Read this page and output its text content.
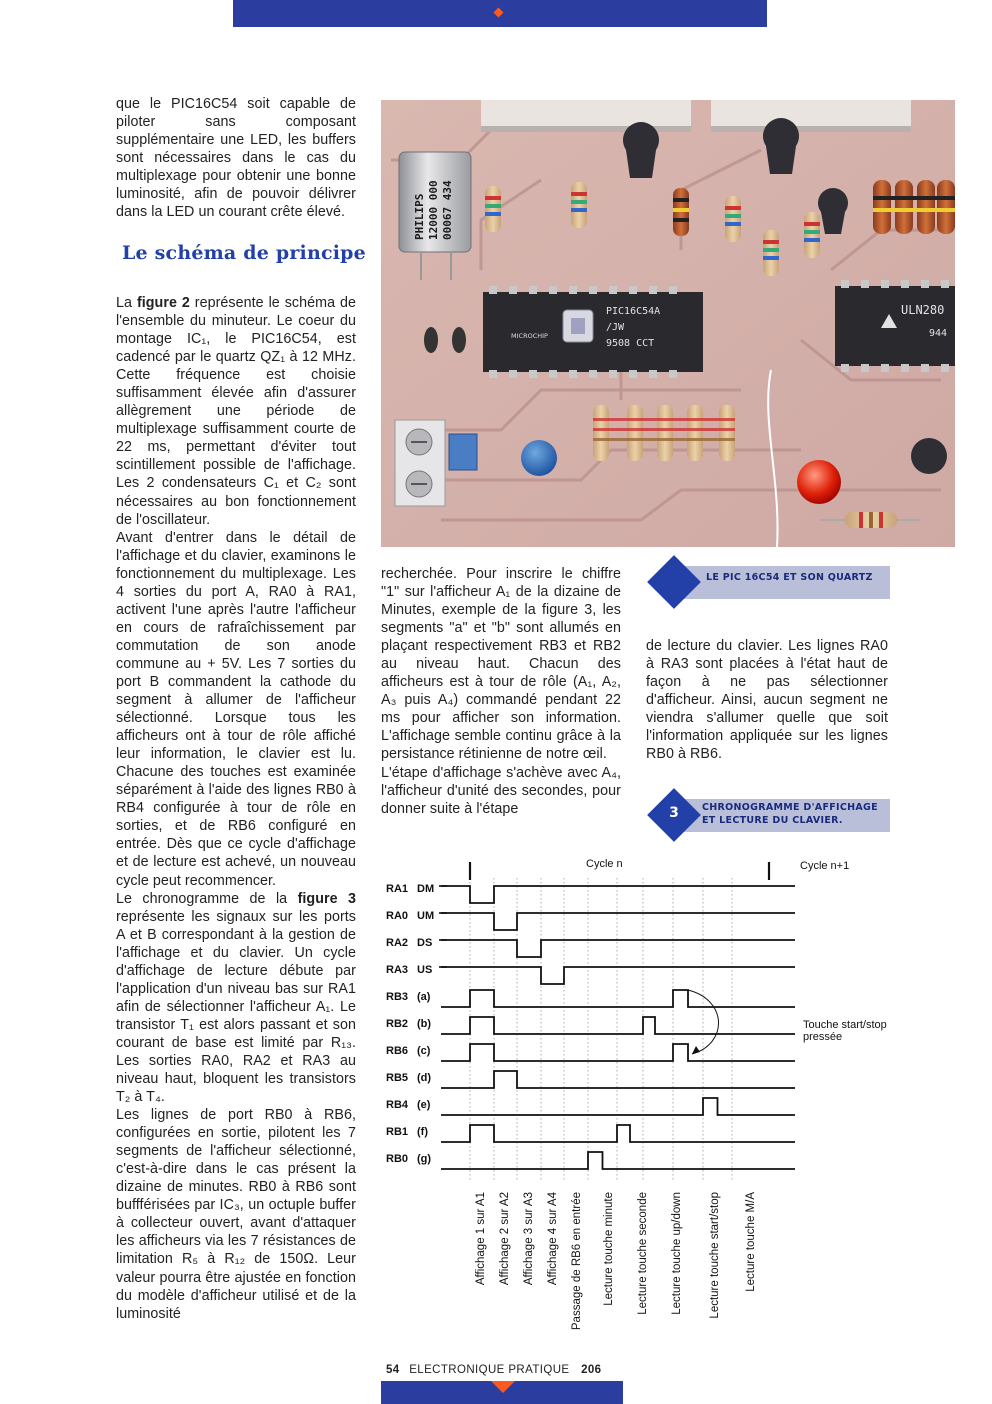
que le PIC16C54 soit capable de piloter sans composant supplémentaire une LED, les buffers sont nécessaires dans le cas du multiplexage pour obtenir une bonne luminosité, afin de pouvoir délivrer dans la LED un courant crête élevé.

Le schéma de principe

La figure 2 représente le schéma de l'ensemble du minuteur. Le coeur du montage IC₁, le PIC16C54, est cadencé par le quartz QZ₁ à 12 MHz. Cette fréquence est choisie suffisamment élevée afin d'assurer allègrement une période de multiplexage suffisamment courte de 22 ms, permettant d'éviter tout scintillement possible de l'affichage. Les 2 condensateurs C₁ et C₂ sont nécessaires au bon fonctionnement de l'oscillateur.

Avant d'entrer dans le détail de l'affichage et du clavier, examinons le fonctionnement du multiplexage. Les 4 sorties du port A, RA0 à RA1, activent l'une après l'autre l'afficheur en cours de rafraîchissement par commutation de son anode commune au + 5V. Les 7 sorties du port B commandent la cathode du segment à allumer de l'afficheur sélectionné. Lorsque tous les afficheurs ont à tour de rôle affiché leur information, le clavier est lu. Chacune des touches est examinée séparément à l'aide des lignes RB0 à RB4 configurée à tour de rôle en sorties, et de RB6 configuré en entrée. Dès que ce cycle d'affichage et de lecture est achevé, un nouveau cycle peut recommencer.

Le chronogramme de la figure 3 représente les signaux sur les ports A et B correspondant à la gestion de l'affichage et du clavier. Un cycle d'affichage de lecture débute par l'application d'un niveau bas sur RA1 afin de sélectionner l'afficheur A₁. Le transistor T₁ est alors passant et son courant de base est limité par R₁₃. Les sorties RA0, RA2 et RA3 au niveau haut, bloquent les transistors T₂ à T₄.

Les lignes de port RB0 à RB6, configurées en sortie, pilotent les 7 segments de l'afficheur sélectionné, c'est-à-dire dans le cas présent la dizaine de minutes. RB0 à RB6 sont buffférisées par IC₃, un octuple buffer à collecteur ouvert, avant d'attaquer les afficheurs via les 7 résistances de limitation R₅ à R₁₂ de 150Ω. Leur valeur pourra être ajustée en fonction du modèle d'afficheur utilisé et de la luminosité

PHILIPS 12000 000 00067 434
MICROCHIP
PIC16C54A
/JW
9508 CCT
ULN280
944

recherchée. Pour inscrire le chiffre "1" sur l'afficheur A₁ de la dizaine de Minutes, exemple de la figure 3, les segments "a" et "b" sont allumés en plaçant respectivement RB3 et RB2 au niveau haut. Chacun des afficheurs est à tour de rôle (A₁, A₂, A₃ puis A₄) commandé pendant 22 ms pour afficher son information. L'affichage semble continu grâce à la persistance rétinienne de notre œil.

L'étape d'affichage s'achève avec A₄, l'afficheur d'unité des secondes, pour donner suite à l'étape

LE PIC 16C54 ET SON QUARTZ

de lecture du clavier. Les lignes RA0 à RA3 sont placées à l'état haut de façon à ne pas sélectionner d'afficheur. Ainsi, aucun segment ne viendra s'allumer quelle que soit l'information appliquée sur les lignes RB0 à RB6.

3	CHRONOGRAMME D'AFFICHAGE
ET LECTURE DU CLAVIER.
Cycle n	Cycle n+1
RA1 DM
RA0 UM
RA2 DS
RA3 US
RB3 (a)
RB2 (b)
RB6 (c)
RB5 (d)
RB4 (e)
RB1 (f)
RB0 (g)
Touche start/stop
pressée
Affichage 1 sur A1 Affichage 2 sur A2 Affichage 3 sur A3 Affichage 4 sur A4 Passage de RB6 en entrée Lecture touche minute Lecture touche seconde Lecture touche up/down Lecture touche start/stop Lecture touche M/A
54 ELECTRONIQUE PRATIQUE 206
